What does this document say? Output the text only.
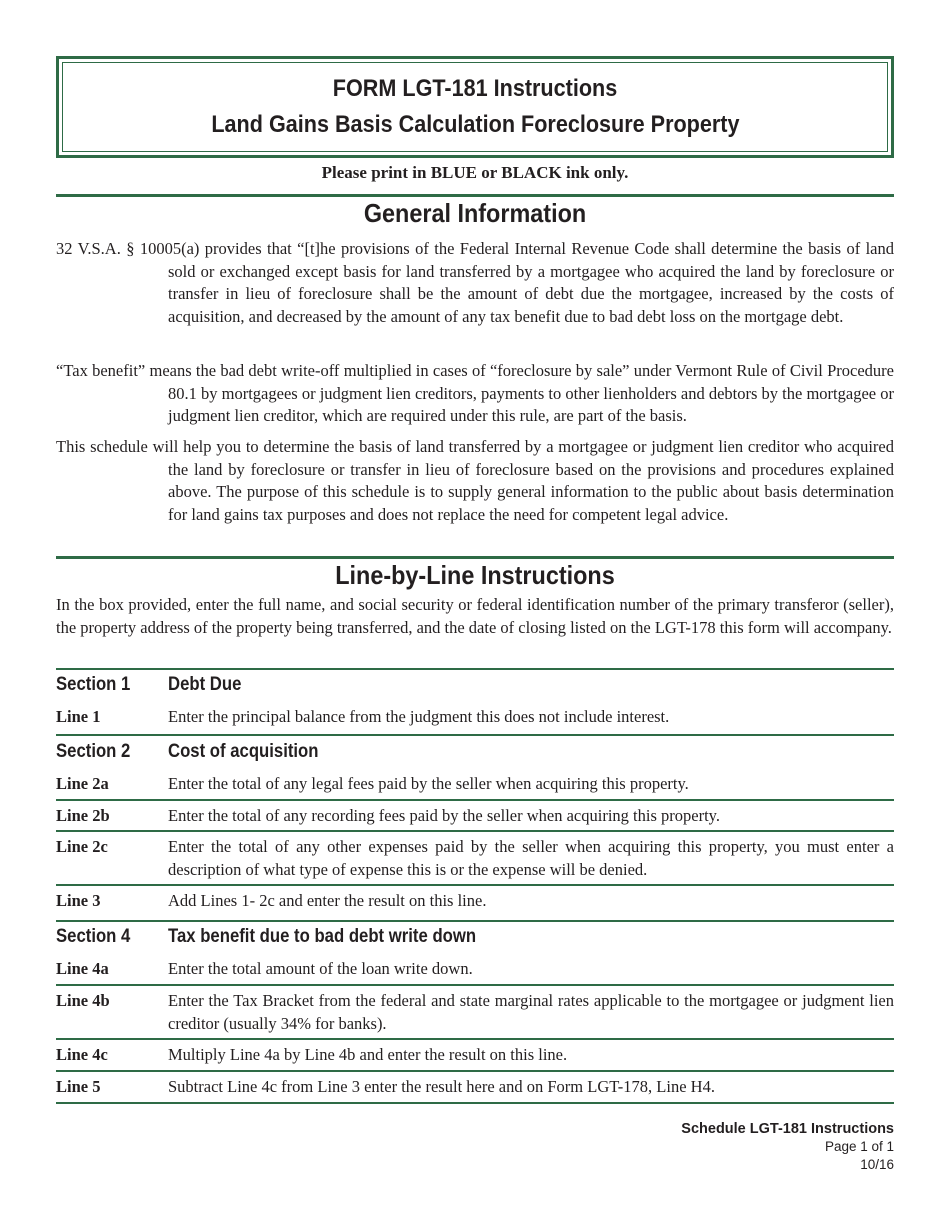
FORM LGT-181 Instructions
Land Gains Basis Calculation Foreclosure Property
Please print in BLUE or BLACK ink only.
General Information
32 V.S.A. § 10005(a) provides that “[t]he provisions of the Federal Internal Revenue Code shall determine the basis of land sold or exchanged except basis for land transferred by a mortgagee who acquired the land by foreclosure or transfer in lieu of foreclosure shall be the amount of debt due the mortgagee, increased by the costs of acquisition, and decreased by the amount of any tax benefit due to bad debt loss on the mortgage debt.
“Tax benefit” means the bad debt write-off multiplied in cases of “foreclosure by sale” under Vermont Rule of Civil Procedure 80.1 by mortgagees or judgment lien creditors, payments to other lienholders and debtors by the mortgagee or judgment lien creditor, which are required under this rule, are part of the basis.
This schedule will help you to determine the basis of land transferred by a mortgagee or judgment lien creditor who acquired the land by foreclosure or transfer in lieu of foreclosure based on the provisions and procedures explained above. The purpose of this schedule is to supply general information to the public about basis determination for land gains tax purposes and does not replace the need for competent legal advice.
Line-by-Line Instructions
In the box provided, enter the full name, and social security or federal identification number of the primary transferor (seller), the property address of the property being transferred, and the date of closing listed on the LGT-178 this form will accompany.
Section 1	Debt Due
Line 1	Enter the principal balance from the judgment this does not include interest.
Section 2	Cost of acquisition
Line 2a	Enter the total of any legal fees paid by the seller when acquiring this property.
Line 2b	Enter the total of any recording fees paid by the seller when acquiring this property.
Line 2c	Enter the total of any other expenses paid by the seller when acquiring this property, you must enter a description of what type of expense this is or the expense will be denied.
Line 3	Add Lines 1- 2c and enter the result on this line.
Section 4	Tax benefit due to bad debt write down
Line 4a	Enter the total amount of the loan write down.
Line 4b	Enter the Tax Bracket from the federal and state marginal rates applicable to the mortgagee or judgment lien creditor (usually 34% for banks).
Line 4c	Multiply Line 4a by Line 4b and enter the result on this line.
Line 5	Subtract Line 4c from Line 3 enter the result here and on Form LGT-178, Line H4.
Schedule LGT-181 Instructions
Page 1 of 1
10/16
